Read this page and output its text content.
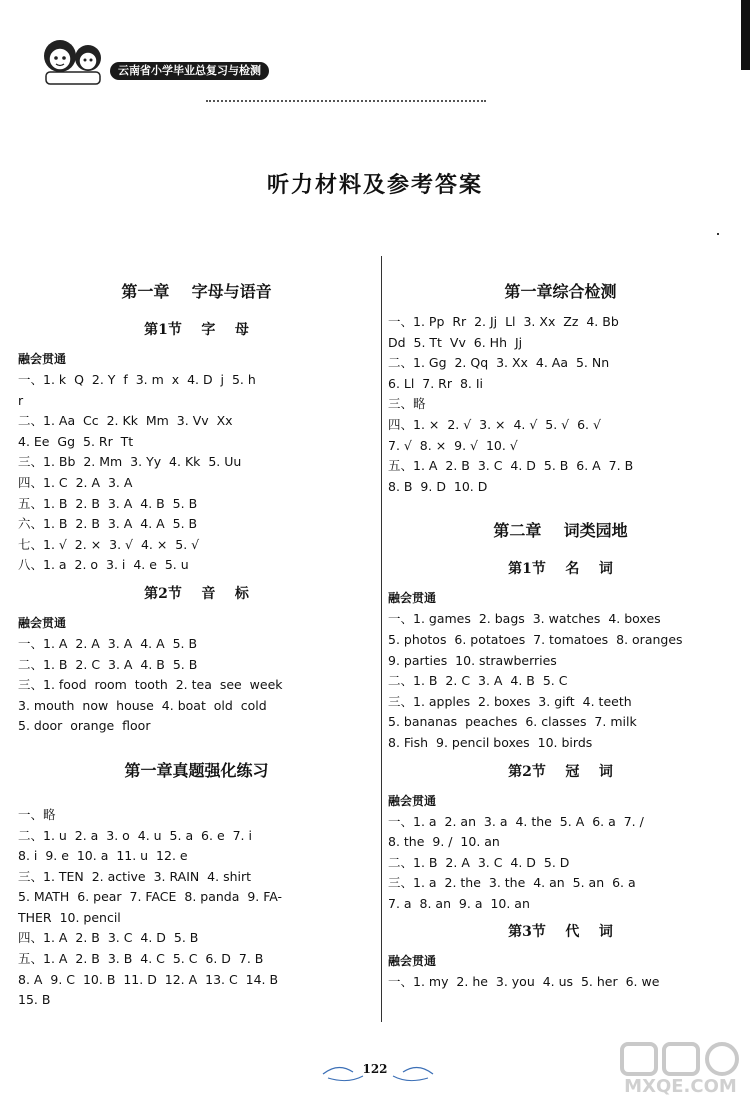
云南省小学毕业总复习与检测
听力材料及参考答案
第一章    字母与语音
第1节    字    母
融会贯通
一、1. k  Q  2. Y  f  3. m  x  4. D  j  5. h
r
二、1. Aa  Cc  2. Kk  Mm  3. Vv  Xx
4. Ee  Gg  5. Rr  Tt
三、1. Bb  2. Mm  3. Yy  4. Kk  5. Uu
四、1. C  2. A  3. A
五、1. B  2. B  3. A  4. B  5. B
六、1. B  2. B  3. A  4. A  5. B
七、1. √  2. ×  3. √  4. ×  5. √
八、1. a  2. o  3. i  4. e  5. u
第2节    音    标
融会贯通
一、1. A  2. A  3. A  4. A  5. B
二、1. B  2. C  3. A  4. B  5. B
三、1. food  room  tooth  2. tea  see  week
3. mouth  now  house  4. boat  old  cold
5. door  orange  floor
第一章真题强化练习
一、略
二、1. u  2. a  3. o  4. u  5. a  6. e  7. i
8. i  9. e  10. a  11. u  12. e
三、1. TEN  2. active  3. RAIN  4. shirt
5. MATH  6. pear  7. FACE  8. panda  9. FA-
THER  10. pencil
四、1. A  2. B  3. C  4. D  5. B
五、1. A  2. B  3. B  4. C  5. C  6. D  7. B
8. A  9. C  10. B  11. D  12. A  13. C  14. B
15. B
第一章综合检测
一、1. Pp  Rr  2. Jj  Ll  3. Xx  Zz  4. Bb
Dd  5. Tt  Vv  6. Hh  Jj
二、1. Gg  2. Qq  3. Xx  4. Aa  5. Nn
6. Ll  7. Rr  8. Ii
三、略
四、1. ×  2. √  3. ×  4. √  5. √  6. √
7. √  8. ×  9. √  10. √
五、1. A  2. B  3. C  4. D  5. B  6. A  7. B
8. B  9. D  10. D
第二章    词类园地
第1节    名    词
融会贯通
一、1. games  2. bags  3. watches  4. boxes
5. photos  6. potatoes  7. tomatoes  8. oranges
9. parties  10. strawberries
二、1. B  2. C  3. A  4. B  5. C
三、1. apples  2. boxes  3. gift  4. teeth
5. bananas  peaches  6. classes  7. milk
8. Fish  9. pencil boxes  10. birds
第2节    冠    词
融会贯通
一、1. a  2. an  3. a  4. the  5. A  6. a  7. /
8. the  9. /  10. an
二、1. B  2. A  3. C  4. D  5. D
三、1. a  2. the  3. the  4. an  5. an  6. a
7. a  8. an  9. a  10. an
第3节    代    词
融会贯通
一、1. my  2. he  3. you  4. us  5. her  6. we
122
MXQE.COM
